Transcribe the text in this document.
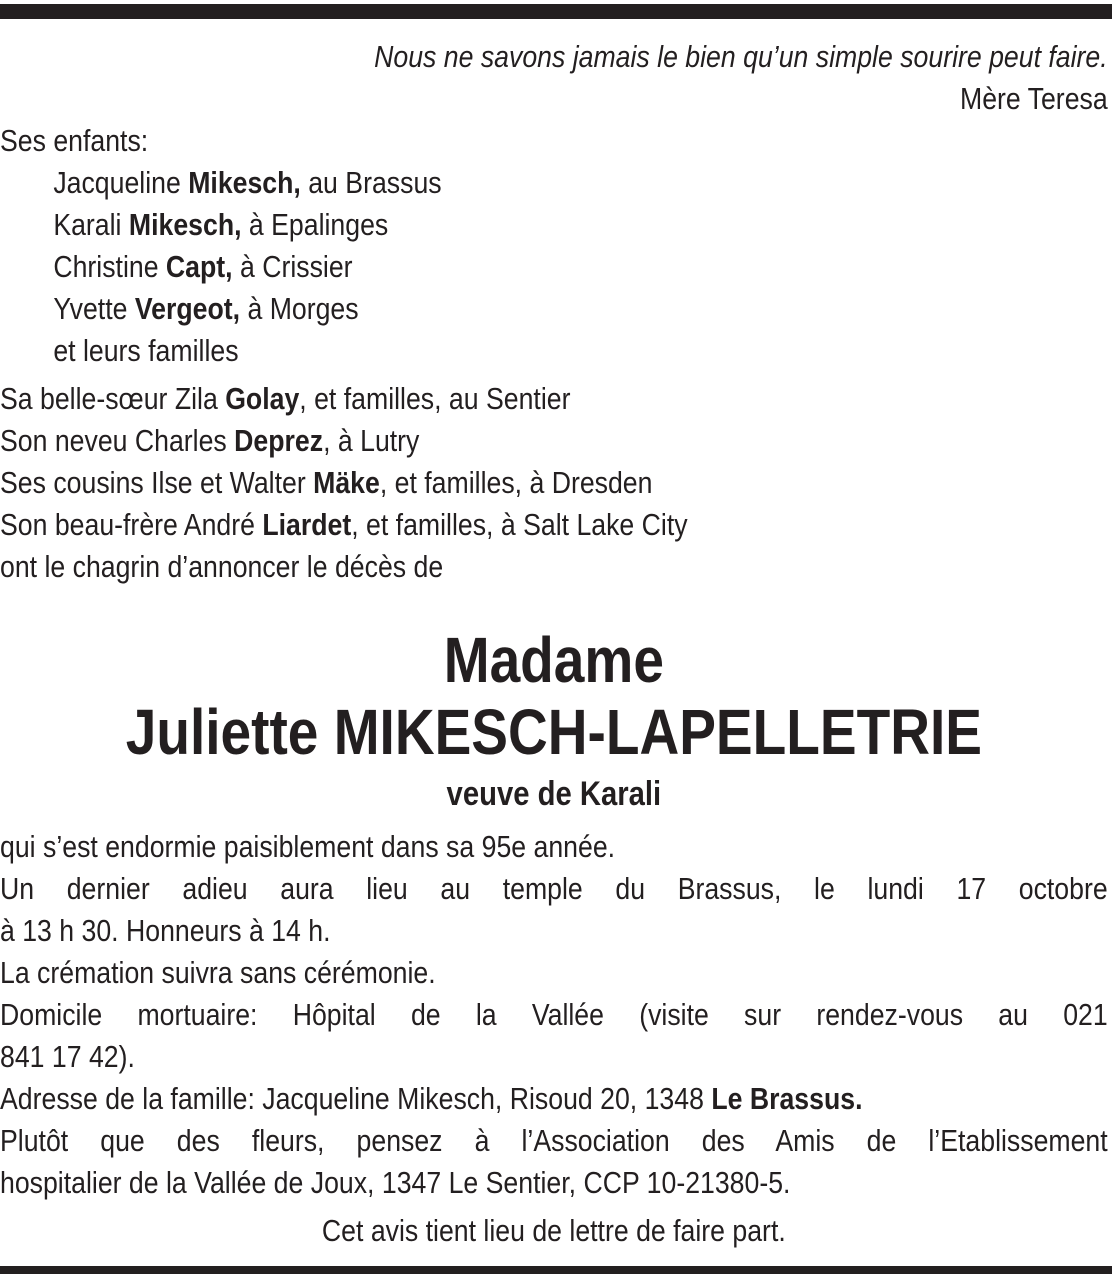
Nous ne savons jamais le bien qu’un simple sourire peut faire.
Mère Teresa
Ses enfants:
Jacqueline Mikesch, au Brassus
Karali Mikesch, à Epalinges
Christine Capt, à Crissier
Yvette Vergeot, à Morges
et leurs familles
Sa belle-sœur Zila Golay, et familles, au Sentier
Son neveu Charles Deprez, à Lutry
Ses cousins Ilse et Walter Mäke, et familles, à Dresden
Son beau-frère André Liardet, et familles, à Salt Lake City
ont le chagrin d’annoncer le décès de
Madame
Juliette MIKESCH-LAPELLETRIE
veuve de Karali
qui s’est endormie paisiblement dans sa 95e année.
Un dernier adieu aura lieu au temple du Brassus, le lundi 17 octobre
à 13 h 30. Honneurs à 14 h.
La crémation suivra sans cérémonie.
Domicile mortuaire: Hôpital de la Vallée (visite sur rendez-vous au 021
841 17 42).
Adresse de la famille: Jacqueline Mikesch, Risoud 20, 1348 Le Brassus.
Plutôt que des fleurs, pensez à l’Association des Amis de l’Etablissement
hospitalier de la Vallée de Joux, 1347 Le Sentier, CCP 10-21380-5.
Cet avis tient lieu de lettre de faire part.
